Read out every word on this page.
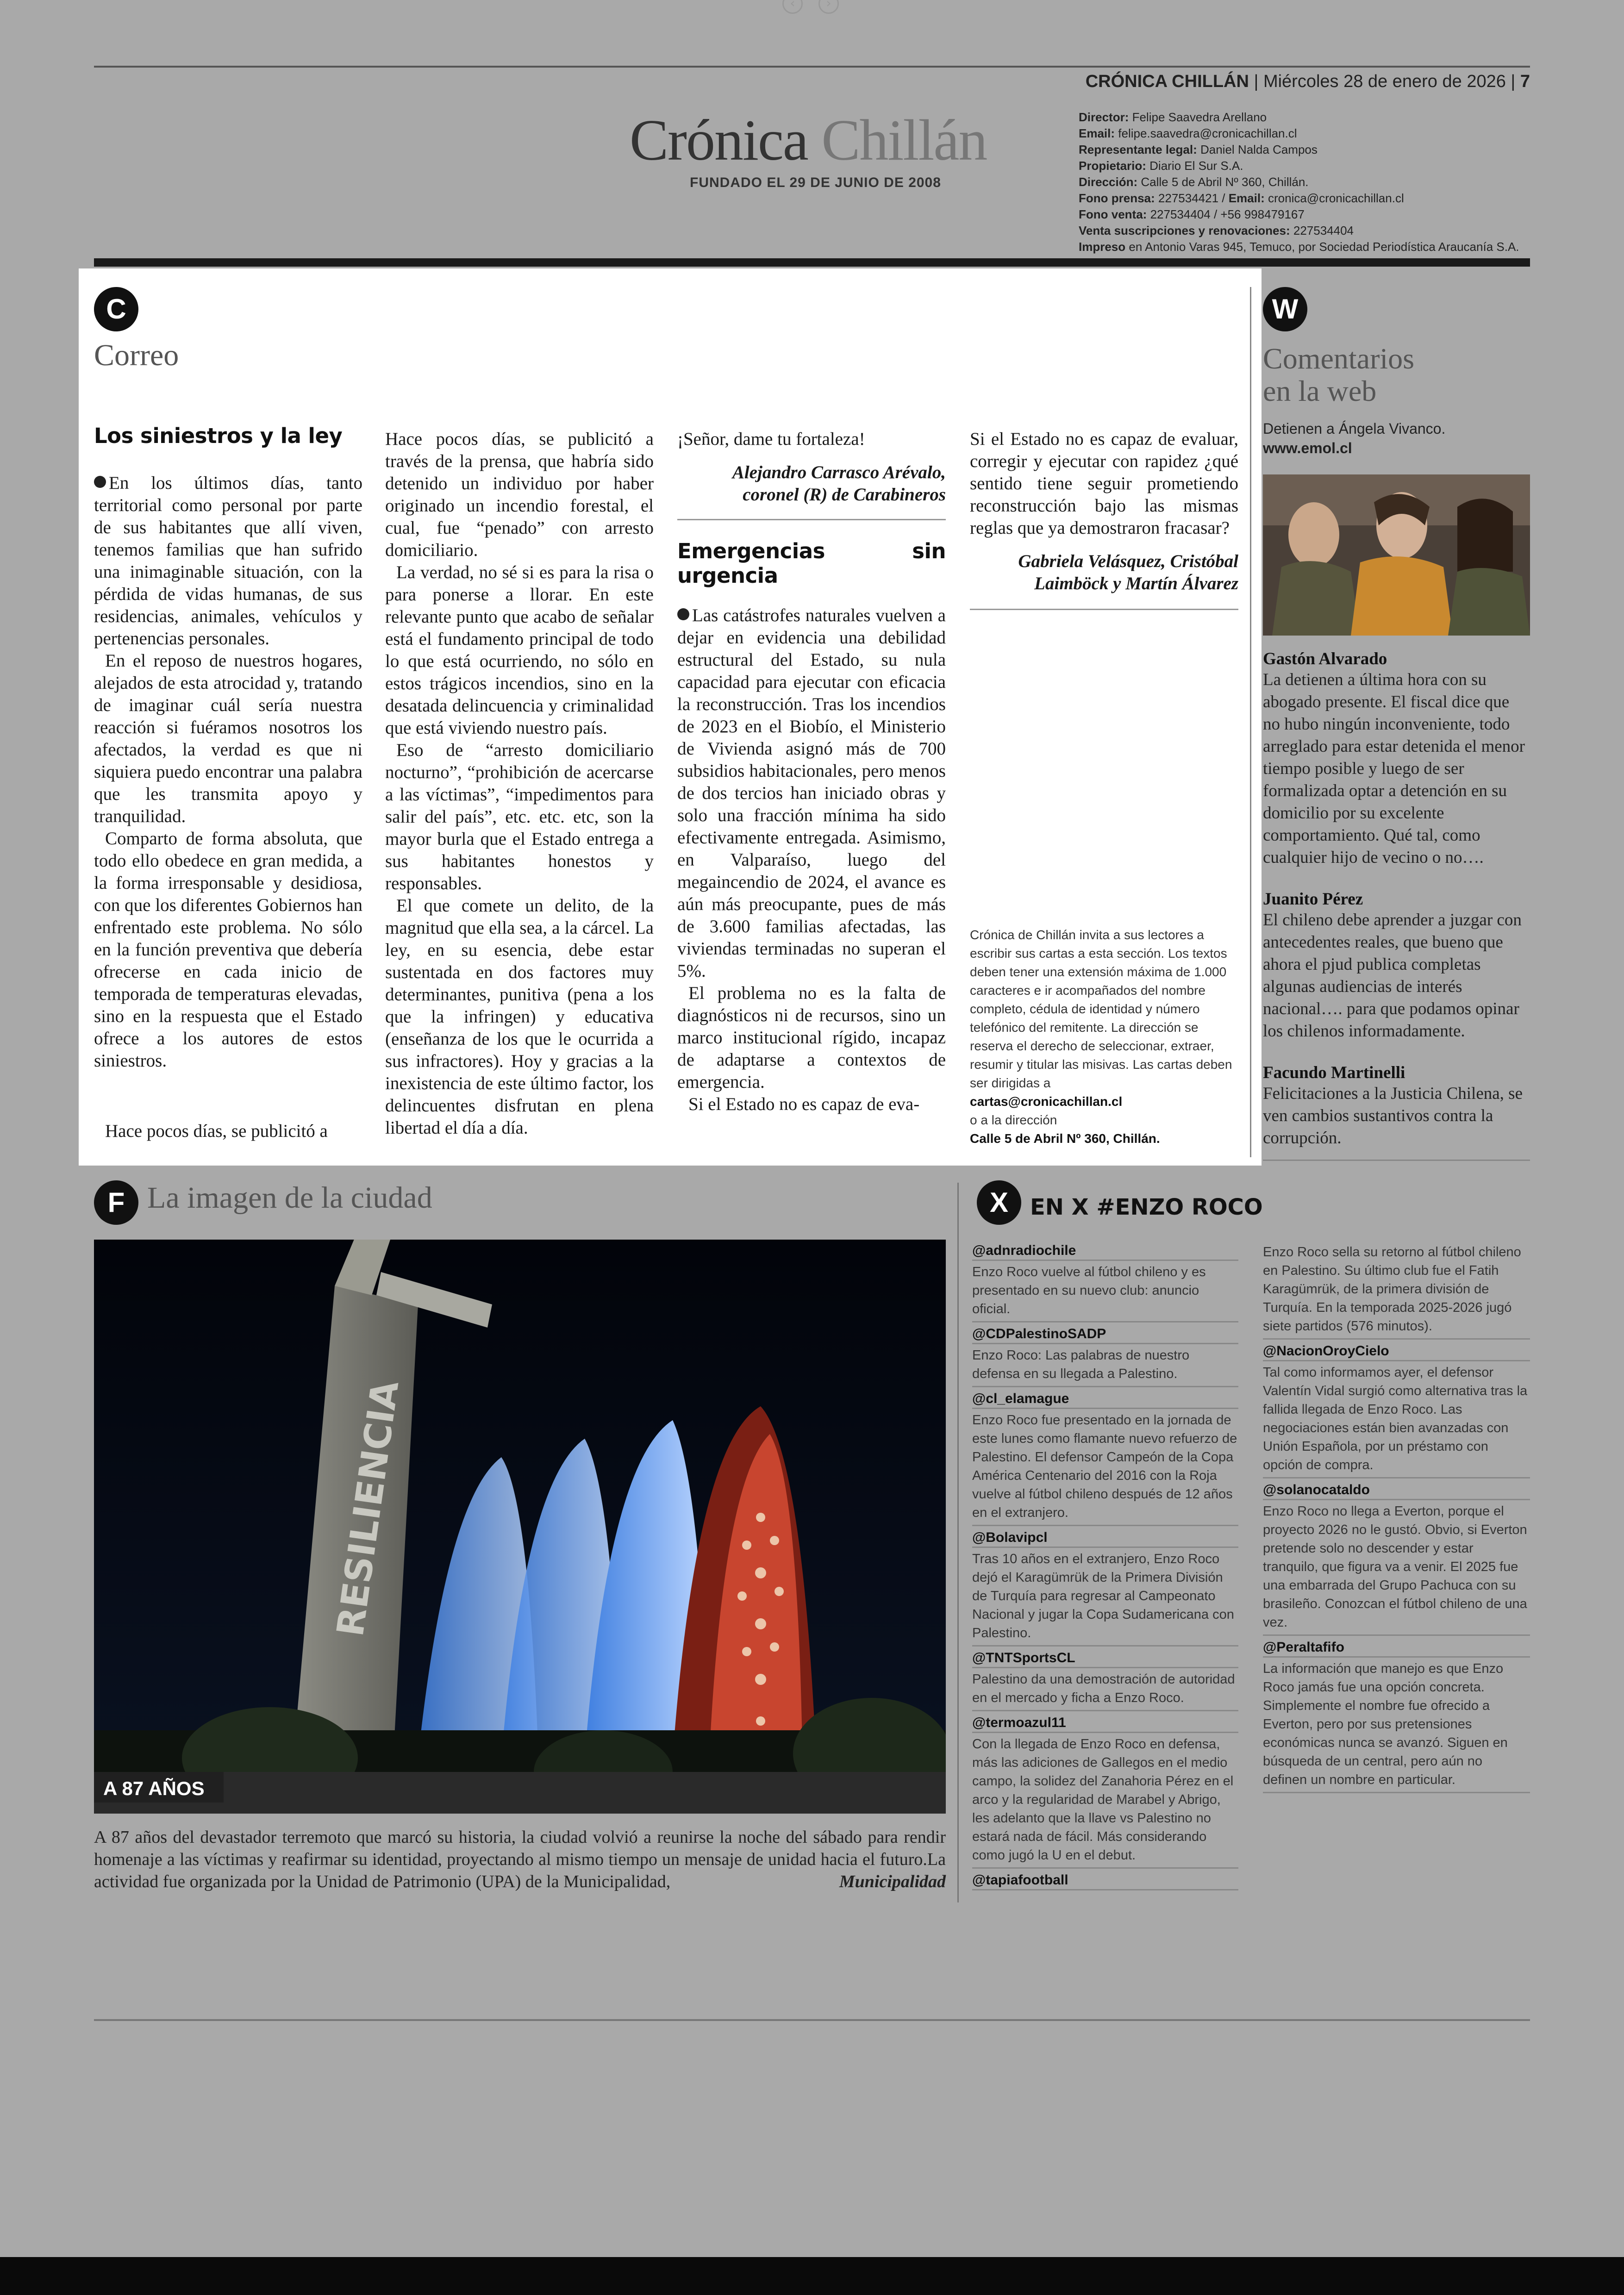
‹	›
CRÓNICA CHILLÁN | Miércoles 28 de enero de 2026 | 7
Crónica Chillán
FUNDADO EL 29 DE JUNIO DE 2008
Director: Felipe Saavedra Arellano
Email: felipe.saavedra@cronicachillan.cl
Representante legal: Daniel Nalda Campos
Propietario: Diario El Sur S.A.
Dirección: Calle 5 de Abril Nº 360, Chillán.
Fono prensa: 227534421 / Email: cronica@cronicachillan.cl
Fono venta: 227534404 / +56 998479167
Venta suscripciones y renovaciones: 227534404
Impreso en Antonio Varas 945, Temuco, por Sociedad Periodística Araucanía S.A.
C
Correo
Los siniestros y la ley

En los últimos días, tanto territorial como personal por parte de sus habitantes que allí viven, tenemos familias que han sufrido una inimaginable situación, con la pérdida de vidas humanas, de sus residencias, animales, vehículos y pertenencias personales.

En el reposo de nuestros hogares, alejados de esta atrocidad y, tratando de imaginar cuál sería nuestra reacción si fuéramos nosotros los afectados, la verdad es que ni siquiera puedo encontrar una palabra que les transmita apoyo y tranquilidad.

Comparto de forma absoluta, que todo ello obedece en gran medida, a la forma irresponsable y desidiosa, con que los diferentes Gobiernos han enfrentado este problema. No sólo en la función preventiva que debería ofrecerse en cada inicio de temporada de temperaturas elevadas, sino en la respuesta que el Estado ofrece a los autores de estos siniestros.

Hace pocos días, se publicitó a

Hace pocos días, se publicitó a través de la prensa, que habría sido detenido un individuo por haber originado un incendio forestal, el cual, fue “penado” con arresto domiciliario.

La verdad, no sé si es para la risa o para ponerse a llorar. En este relevante punto que acabo de señalar está el fundamento principal de todo lo que está ocurriendo, no sólo en estos trágicos incendios, sino en la desatada delincuencia y criminalidad que está viviendo nuestro país.

Eso de “arresto domiciliario nocturno”, “prohibición de acercarse a las víctimas”, “impedimentos para salir del país”, etc. etc. etc, son la mayor burla que el Estado entrega a sus habitantes honestos y responsables.

El que comete un delito, de la magnitud que ella sea, a la cárcel. La ley, en su esencia, debe estar sustentada en dos factores muy determinantes, punitiva (pena a los que la infringen) y educativa (enseñanza de los que le ocurrida a sus infractores). Hoy y gracias a la inexistencia de este último factor, los delincuentes disfrutan en plena libertad el día a día.

¡Señor, dame tu fortaleza!

Alejandro Carrasco Arévalo, coronel (R) de Carabineros

Emergencias sin urgencia

Las catástrofes naturales vuelven a dejar en evidencia una debilidad estructural del Estado, su nula capacidad para ejecutar con eficacia la reconstrucción. Tras los incendios de 2023 en el Biobío, el Ministerio de Vivienda asignó más de 700 subsidios habitacionales, pero menos de dos tercios han iniciado obras y solo una fracción mínima ha sido efectivamente entregada. Asimismo, en Valparaíso, luego del megaincendio de 2024, el avance es aún más preocupante, pues de más de 3.600 familias afectadas, las viviendas terminadas no superan el 5%.

El problema no es la falta de diagnósticos ni de recursos, sino un marco institucional rígido, incapaz de adaptarse a contextos de emergencia.

Si el Estado no es capaz de eva-

Si el Estado no es capaz de evaluar, corregir y ejecutar con rapidez ¿qué sentido tiene seguir prometiendo reconstrucción bajo las mismas reglas que ya demostraron fracasar?

Gabriela Velásquez, Cristóbal Laimböck y Martín Álvarez

Crónica de Chillán invita a sus lectores a escribir sus cartas a esta sección. Los textos deben tener una extensión máxima de 1.000 caracteres e ir acompañados del nombre completo, cédula de identidad y número telefónico del remitente. La dirección se reserva el derecho de seleccionar, extraer, resumir y titular las misivas. Las cartas deben ser dirigidas a
cartas@cronicachillan.cl
o a la dirección
Calle 5 de Abril Nº 360, Chillán.
W
Comentarios
en la web
Detienen a Ángela Vivanco.
www.emol.cl
Gastón Alvarado
La detienen a última hora con su abogado presente. El fiscal dice que no hubo ningún inconveniente, todo arreglado para estar detenida el menor tiempo posible y luego de ser formalizada optar a detención en su domicilio por su excelente comportamiento. Qué tal, como cualquier hijo de vecino o no….
Juanito Pérez
El chileno debe aprender a juzgar con antecedentes reales, que bueno que ahora el pjud publica completas algunas audiencias de interés nacional…. para que podamos opinar los chilenos informadamente.
Facundo Martinelli
Felicitaciones a la Justicia Chilena, se ven cambios sustantivos contra la corrupción.
F La imagen de la ciudad
RESILIENCIA
A 87 AÑOS
A 87 años del devastador terremoto que marcó su historia, la ciudad volvió a reunirse la noche del sábado para rendir homenaje a las víctimas y reafirmar su identidad, proyectando al mismo tiempo un mensaje de unidad hacia el futuro.La actividad fue organizada por la Unidad de Patrimonio (UPA) de la Municipalidad,	Municipalidad
X EN X #ENZO ROCO
@adnradiochile
Enzo Roco vuelve al fútbol chileno y es presentado en su nuevo club: anuncio oficial.
@CDPalestinoSADP
Enzo Roco: Las palabras de nuestro defensa en su llegada a Palestino.
@cl_elamague
Enzo Roco fue presentado en la jornada de este lunes como flamante nuevo refuerzo de Palestino. El defensor Campeón de la Copa América Centenario del 2016 con la Roja vuelve al fútbol chileno después de 12 años en el extranjero.
@Bolavipcl
Tras 10 años en el extranjero, Enzo Roco dejó el Karagümrük de la Primera División de Turquía para regresar al Campeonato Nacional y jugar la Copa Sudamericana con Palestino.
@TNTSportsCL
Palestino da una demostración de autoridad en el mercado y ficha a Enzo Roco.
@termoazul11
Con la llegada de Enzo Roco en defensa, más las adiciones de Gallegos en el medio campo, la solidez del Zanahoria Pérez en el arco y la regularidad de Marabel y Abrigo, les adelanto que la llave vs Palestino no estará nada de fácil. Más considerando como jugó la U en el debut.
@tapiafootball
Enzo Roco sella su retorno al fútbol chileno en Palestino. Su último club fue el Fatih Karagümrük, de la primera división de Turquía. En la temporada 2025-2026 jugó siete partidos (576 minutos).
@NacionOroyCielo
Tal como informamos ayer, el defensor Valentín Vidal surgió como alternativa tras la fallida llegada de Enzo Roco. Las negociaciones están bien avanzadas con Unión Española, por un préstamo con opción de compra.
@solanocataldo
Enzo Roco no llega a Everton, porque el proyecto 2026 no le gustó. Obvio, si Everton pretende solo no descender y estar tranquilo, que figura va a venir. El 2025 fue una embarrada del Grupo Pachuca con su brasileño. Conozcan el fútbol chileno de una vez.
@Peraltafifo
La información que manejo es que Enzo Roco jamás fue una opción concreta. Simplemente el nombre fue ofrecido a Everton, pero por sus pretensiones económicas nunca se avanzó. Siguen en búsqueda de un central, pero aún no definen un nombre en particular.
